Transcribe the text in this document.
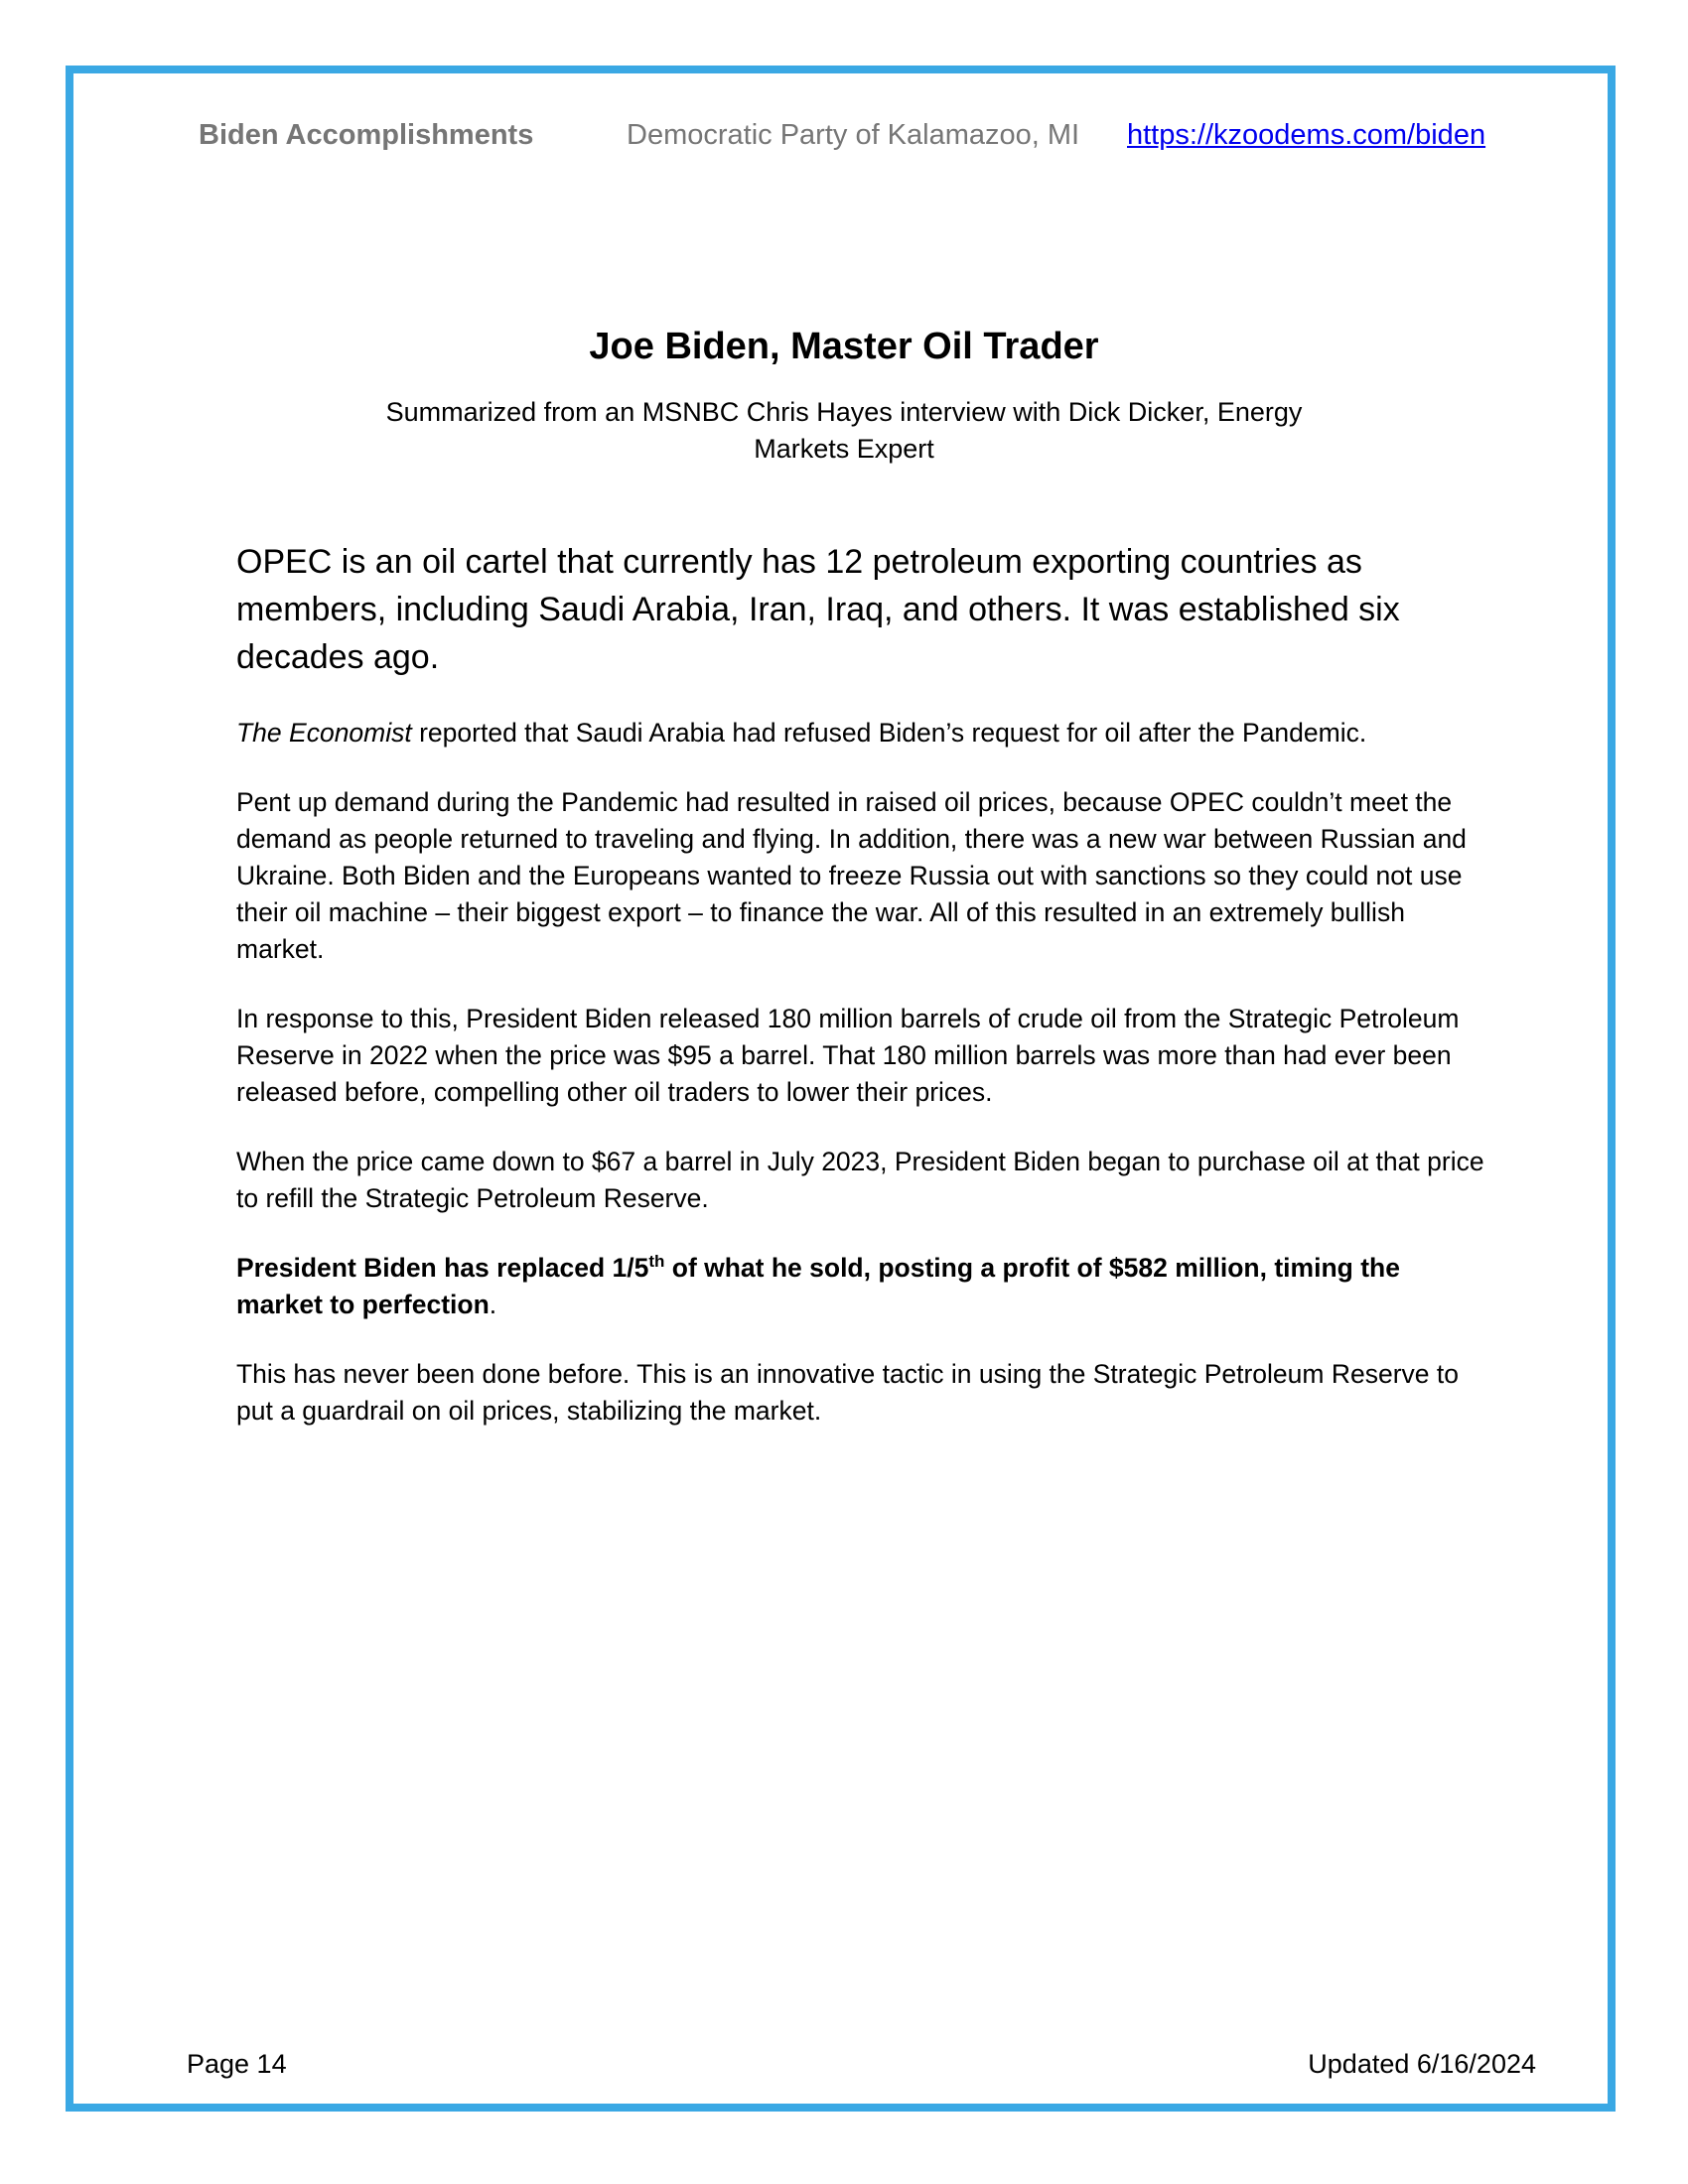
Biden Accomplishments	Democratic Party of Kalamazoo, MI https://kzoodems.com/biden
Joe Biden, Master Oil Trader
Summarized from an MSNBC Chris Hayes interview with Dick Dicker, Energy Markets Expert

OPEC is an oil cartel that currently has 12 petroleum exporting countries as members, including Saudi Arabia, Iran, Iraq, and others. It was established six decades ago.

The Economist reported that Saudi Arabia had refused Biden’s request for oil after the Pandemic.

Pent up demand during the Pandemic had resulted in raised oil prices, because OPEC couldn’t meet the demand as people returned to traveling and flying. In addition, there was a new war between Russian and Ukraine. Both Biden and the Europeans wanted to freeze Russia out with sanctions so they could not use their oil machine – their biggest export – to finance the war. All of this resulted in an extremely bullish market.

In response to this, President Biden released 180 million barrels of crude oil from the Strategic Petroleum Reserve in 2022 when the price was $95 a barrel. That 180 million barrels was more than had ever been released before, compelling other oil traders to lower their prices.

When the price came down to $67 a barrel in July 2023, President Biden began to purchase oil at that price to refill the Strategic Petroleum Reserve.

President Biden has replaced 1/5th of what he sold, posting a profit of $582 million, timing the market to perfection.

This has never been done before. This is an innovative tactic in using the Strategic Petroleum Reserve to put a guardrail on oil prices, stabilizing the market.

Page 14	Updated 6/16/2024
